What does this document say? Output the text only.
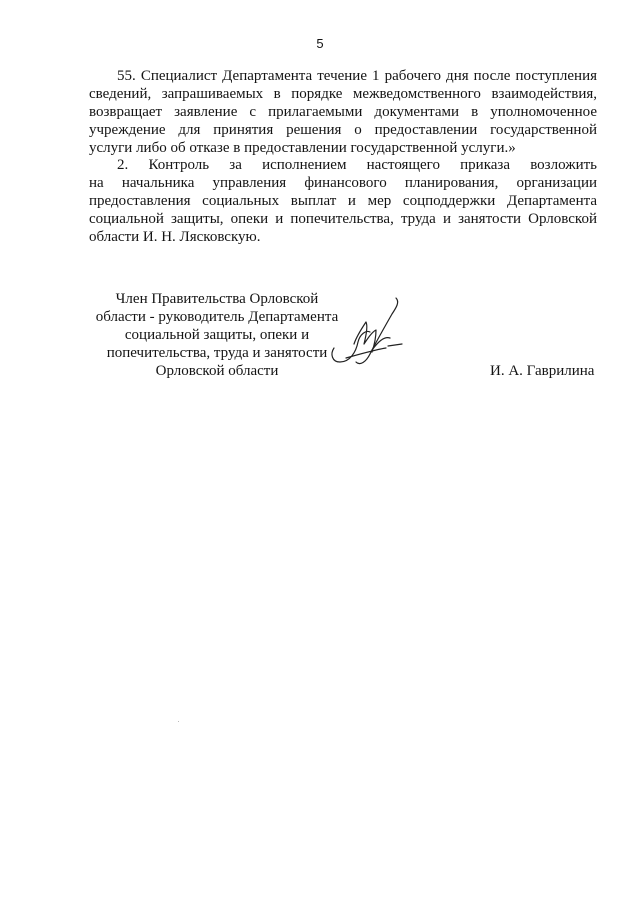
5
55. Специалист Департамента течение 1 рабочего дня после поступления
сведений, запрашиваемых в порядке межведомственного взаимодействия,
возвращает заявление с прилагаемыми документами в уполномоченное
учреждение для принятия решения о предоставлении государственной
услуги либо об отказе в предоставлении государственной услуги.»
2. Контроль за исполнением настоящего приказа возложить
на начальника управления финансового планирования, организации
предоставления социальных выплат и мер соцподдержки Департамента
социальной защиты, опеки и попечительства, труда и занятости Орловской
области И. Н. Лясковскую.
Член Правительства Орловской
области - руководитель Департамента
социальной защиты, опеки и
попечительства, труда и занятости
Орловской области	И. А. Гаврилина
